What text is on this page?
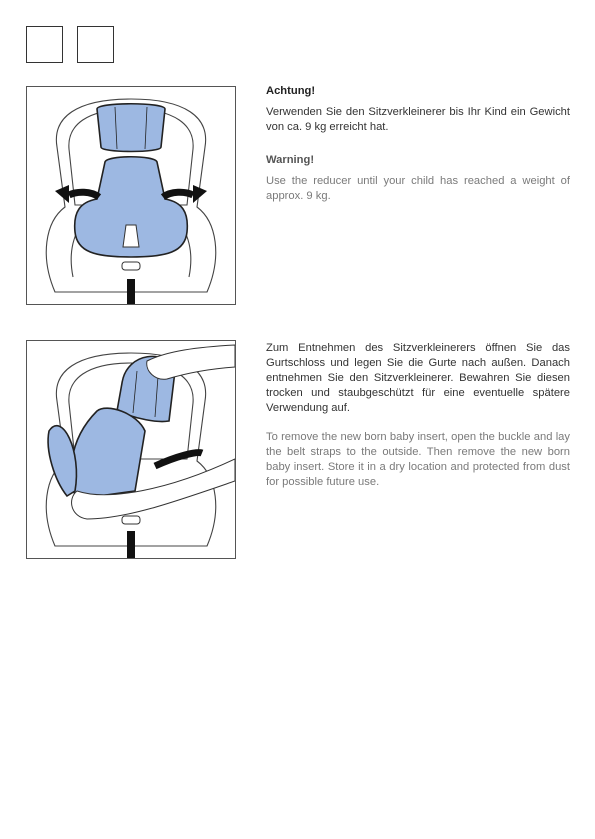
Achtung!

Verwenden Sie den Sitzverkleinerer bis Ihr Kind ein Gewicht von ca. 9 kg erreicht hat.

Warning!

Use the reducer until your child has reached a weight of approx. 9 kg.

Zum Entnehmen des Sitzverkleinerers öffnen Sie das Gurtschloss und legen Sie die Gurte nach außen. Danach entnehmen Sie den Sitzverkleinerer. Bewahren Sie diesen trocken und staubgeschützt für eine eventuelle spätere Verwendung auf.

To remove the new born baby insert, open the buckle and lay the belt straps to the outside. Then remove the new born baby insert. Store it in a dry location and protected from dust for possible future use.
